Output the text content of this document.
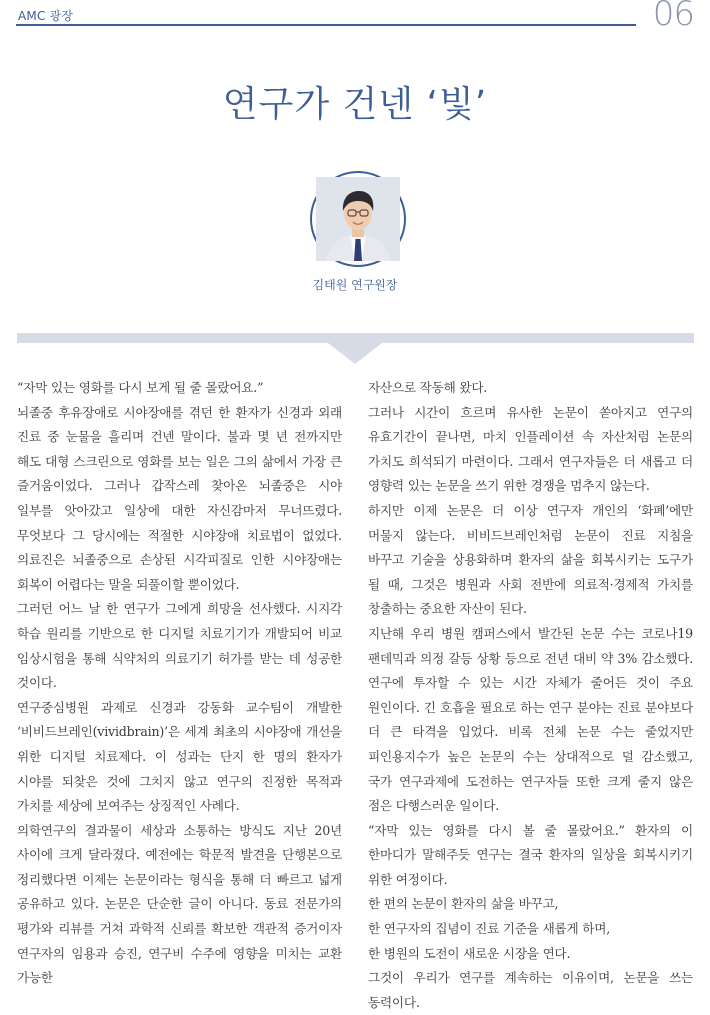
AMC 광장	06
연구가 건넨 ‘빛’
김태원 연구원장

“자막 있는 영화를 다시 보게 될 줄 몰랐어요.”

뇌졸중 후유장애로 시야장애를 겪던 한 환자가 신경과 외래 진료 중 눈물을 흘리며 건넨 말이다. 불과 몇 년 전까지만 해도 대형 스크린으로 영화를 보는 일은 그의 삶에서 가장 큰 즐거움이었다. 그러나 갑작스레 찾아온 뇌졸중은 시야 일부를 앗아갔고 일상에 대한 자신감마저 무너뜨렸다. 무엇보다 그 당시에는 적절한 시야장애 치료법이 없었다. 의료진은 뇌졸중으로 손상된 시각피질로 인한 시야장애는 회복이 어렵다는 말을 되풀이할 뿐이었다.

그러던 어느 날 한 연구가 그에게 희망을 선사했다. 시지각 학습 원리를 기반으로 한 디지털 치료기기가 개발되어 비교 임상시험을 통해 식약처의 의료기기 허가를 받는 데 성공한 것이다.

연구중심병원 과제로 신경과 강동화 교수팀이 개발한 ‘비비드브레인(vividbrain)’은 세계 최초의 시야장애 개선을 위한 디지털 치료제다. 이 성과는 단지 한 명의 환자가 시야를 되찾은 것에 그치지 않고 연구의 진정한 목적과 가치를 세상에 보여주는 상징적인 사례다.

의학연구의 결과물이 세상과 소통하는 방식도 지난 20년 사이에 크게 달라졌다. 예전에는 학문적 발견을 단행본으로 정리했다면 이제는 논문이라는 형식을 통해 더 빠르고 넓게 공유하고 있다. 논문은 단순한 글이 아니다. 동료 전문가의 평가와 리뷰를 거쳐 과학적 신뢰를 확보한 객관적 증거이자 연구자의 임용과 승진, 연구비 수주에 영향을 미치는 교환 가능한

자산으로 작동해 왔다.

그러나 시간이 흐르며 유사한 논문이 쏟아지고 연구의 유효기간이 끝나면, 마치 인플레이션 속 자산처럼 논문의 가치도 희석되기 마련이다. 그래서 연구자들은 더 새롭고 더 영향력 있는 논문을 쓰기 위한 경쟁을 멈추지 않는다.

하지만 이제 논문은 더 이상 연구자 개인의 ‘화폐’에만 머물지 않는다. 비비드브레인처럼 논문이 진료 지침을 바꾸고 기술을 상용화하며 환자의 삶을 회복시키는 도구가 될 때, 그것은 병원과 사회 전반에 의료적·경제적 가치를 창출하는 중요한 자산이 된다.

지난해 우리 병원 캠퍼스에서 발간된 논문 수는 코로나19 팬데믹과 의정 갈등 상황 등으로 전년 대비 약 3% 감소했다. 연구에 투자할 수 있는 시간 자체가 줄어든 것이 주요 원인이다. 긴 호흡을 필요로 하는 연구 분야는 진료 분야보다 더 큰 타격을 입었다. 비록 전체 논문 수는 줄었지만 피인용지수가 높은 논문의 수는 상대적으로 덜 감소했고, 국가 연구과제에 도전하는 연구자들 또한 크게 줄지 않은 점은 다행스러운 일이다.

“자막 있는 영화를 다시 볼 줄 몰랐어요.” 환자의 이 한마디가 말해주듯 연구는 결국 환자의 일상을 회복시키기 위한 여정이다.

한 편의 논문이 환자의 삶을 바꾸고,

한 연구자의 집념이 진료 기준을 새롭게 하며,

한 병원의 도전이 새로운 시장을 연다.

그것이 우리가 연구를 계속하는 이유이며, 논문을 쓰는 동력이다.
